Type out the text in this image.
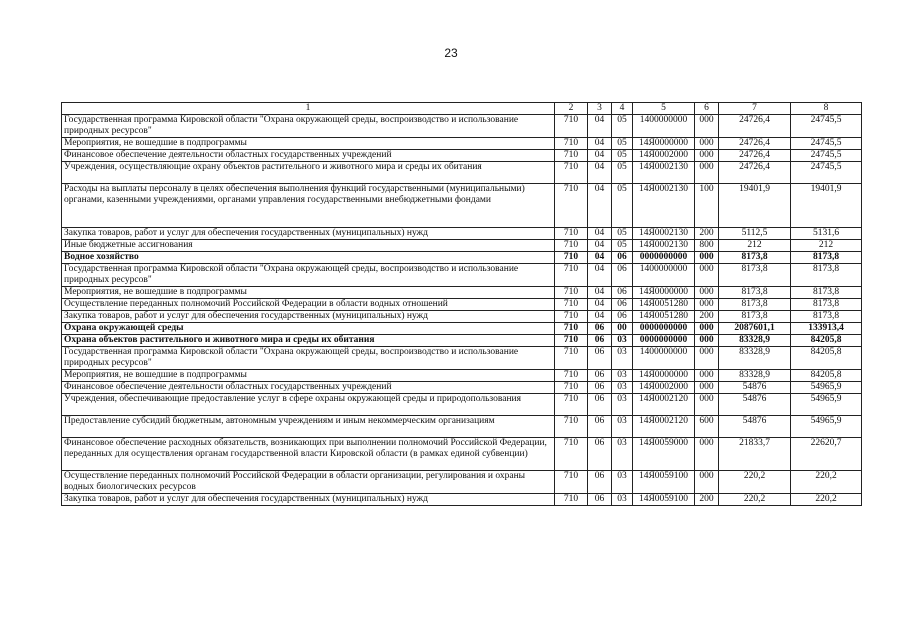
23
1	2	3	4	5	6	7	8
Государственная программа Кировской области "Охрана окружающей среды, воспроизводство и использование природных ресурсов"	710	04	05	1400000000	000	24726,4	24745,5
Мероприятия, не вошедшие в подпрограммы	710	04	05	14Я0000000	000	24726,4	24745,5
Финансовое обеспечение деятельности областных государственных учреждений	710	04	05	14Я0002000	000	24726,4	24745,5
Учреждения, осуществляющие охрану объектов растительного и животного мира и среды их обитания	710	04	05	14Я0002130	000	24726,4	24745,5
Расходы на выплаты персоналу в целях обеспечения выполнения функций государственными (муниципальными) органами, казенными учреждениями, органами управления государственными внебюджетными фондами	710	04	05	14Я0002130	100	19401,9	19401,9
Закупка товаров, работ и услуг для обеспечения государственных (муниципальных) нужд	710	04	05	14Я0002130	200	5112,5	5131,6
Иные бюджетные ассигнования	710	04	05	14Я0002130	800	212	212
Водное хозяйство	710	04	06	0000000000	000	8173,8	8173,8
Государственная программа Кировской области "Охрана окружающей среды, воспроизводство и использование природных ресурсов"	710	04	06	1400000000	000	8173,8	8173,8
Мероприятия, не вошедшие в подпрограммы	710	04	06	14Я0000000	000	8173,8	8173,8
Осуществление переданных полномочий Российской Федерации в области водных отношений	710	04	06	14Я0051280	000	8173,8	8173,8
Закупка товаров, работ и услуг для обеспечения государственных (муниципальных) нужд	710	04	06	14Я0051280	200	8173,8	8173,8
Охрана окружающей среды	710	06	00	0000000000	000	2087601,1	133913,4
Охрана объектов растительного и животного мира и среды их обитания	710	06	03	0000000000	000	83328,9	84205,8
Государственная программа Кировской области "Охрана окружающей среды, воспроизводство и использование природных ресурсов"	710	06	03	1400000000	000	83328,9	84205,8
Мероприятия, не вошедшие в подпрограммы	710	06	03	14Я0000000	000	83328,9	84205,8
Финансовое обеспечение деятельности областных государственных учреждений	710	06	03	14Я0002000	000	54876	54965,9
Учреждения, обеспечивающие предоставление услуг в сфере охраны окружающей среды и природопользования	710	06	03	14Я0002120	000	54876	54965,9
Предоставление субсидий бюджетным, автономным учреждениям и иным некоммерческим организациям	710	06	03	14Я0002120	600	54876	54965,9
Финансовое обеспечение расходных обязательств, возникающих при выполнении полномочий Российской Федерации, переданных для осуществления органам государственной власти Кировской области (в рамках единой субвенции)	710	06	03	14Я0059000	000	21833,7	22620,7
Осуществление переданных полномочий Российской Федерации в области организации, регулирования и охраны водных биологических ресурсов	710	06	03	14Я0059100	000	220,2	220,2
Закупка товаров, работ и услуг для обеспечения государственных (муниципальных) нужд	710	06	03	14Я0059100	200	220,2	220,2
